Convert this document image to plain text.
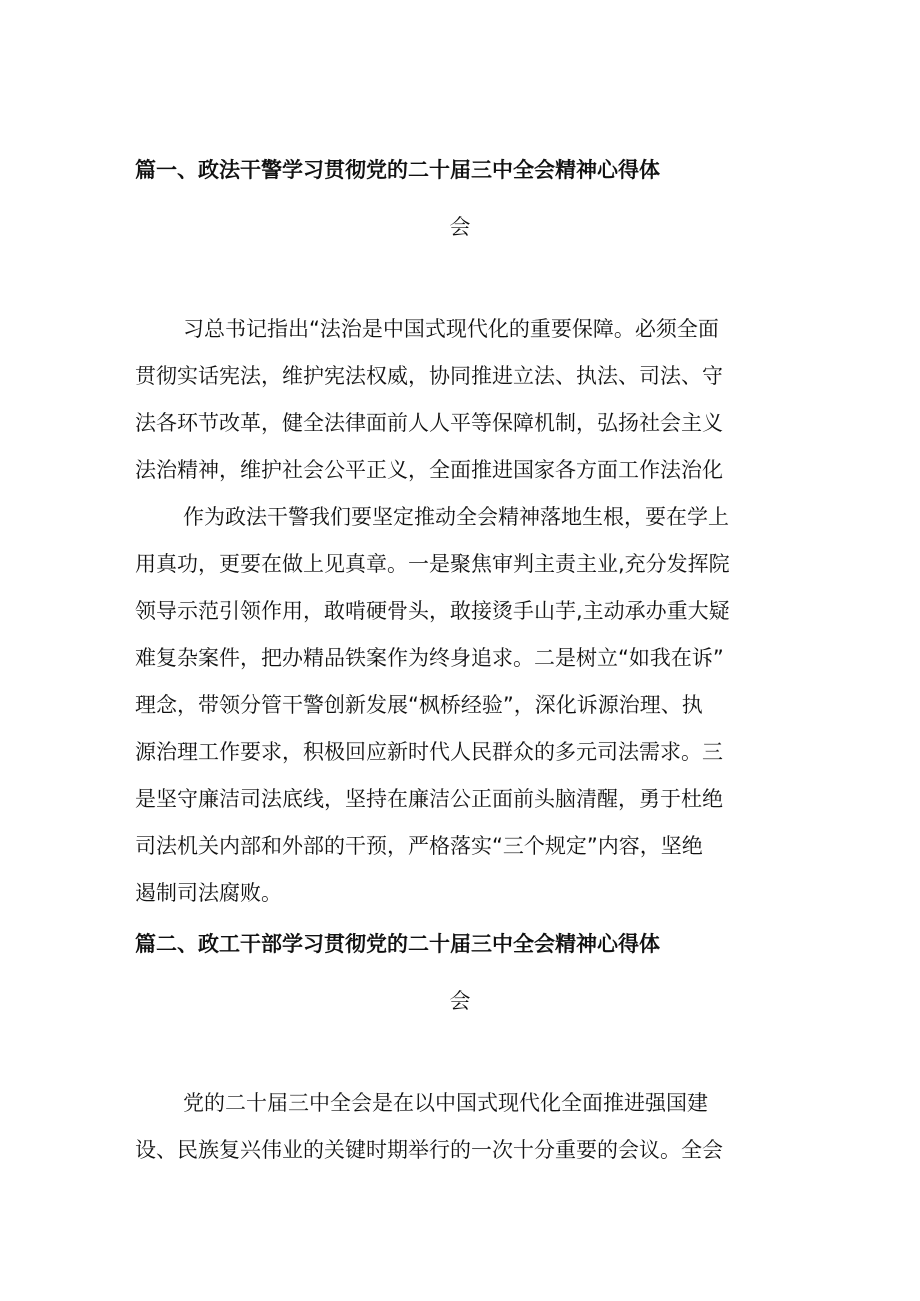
篇一、政法干警学习贯彻党的二十届三中全会精神心得体
会
习总书记指出“法治是中国式现代化的重要保障。必须全面
贯彻实话宪法，维护宪法权威，协同推进立法、执法、司法、守
法各环节改革，健全法律面前人人平等保障机制，弘扬社会主义
法治精神，维护社会公平正义，全面推进国家各方面工作法治化
作为政法干警我们要坚定推动全会精神落地生根，要在学上
用真功，更要在做上见真章。一是聚焦审判主责主业,充分发挥院
领导示范引领作用，敢啃硬骨头，敢接烫手山芋,主动承办重大疑
难复杂案件，把办精品铁案作为终身追求。二是树立“如我在诉”
理念，带领分管干警创新发展“枫桥经验”，深化诉源治理、执
源治理工作要求，积极回应新时代人民群众的多元司法需求。三
是坚守廉洁司法底线，坚持在廉洁公正面前头脑清醒，勇于杜绝
司法机关内部和外部的干预，严格落实“三个规定”内容，坚绝
遏制司法腐败。
篇二、政工干部学习贯彻党的二十届三中全会精神心得体
会
党的二十届三中全会是在以中国式现代化全面推进强国建
设、民族复兴伟业的关键时期举行的一次十分重要的会议。全会
